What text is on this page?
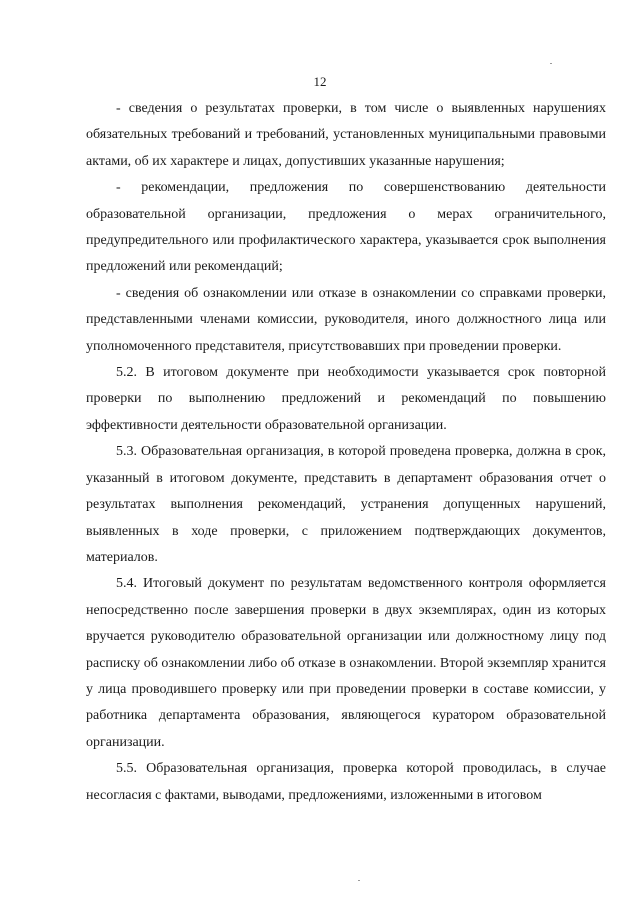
12

- сведения о результатах проверки, в том числе о выявленных нарушениях обязательных требований и требований, установленных муниципальными правовыми актами, об их характере и лицах, допустивших указанные нарушения;

- рекомендации, предложения по совершенствованию деятельности образовательной организации, предложения о мерах ограничительного, предупредительного или профилактического характера, указывается срок выполнения предложений или рекомендаций;

- сведения об ознакомлении или отказе в ознакомлении со справками проверки, представленными членами комиссии, руководителя, иного должностного лица или уполномоченного представителя, присутствовавших при проведении проверки.

5.2. В итоговом документе при необходимости указывается срок повторной проверки по выполнению предложений и рекомендаций по повышению эффективности деятельности образовательной организации.

5.3. Образовательная организация, в которой проведена проверка, должна в срок, указанный в итоговом документе, представить в департамент образования отчет о результатах выполнения рекомендаций, устранения допущенных нарушений, выявленных в ходе проверки, с приложением подтверждающих документов, материалов.

5.4. Итоговый документ по результатам ведомственного контроля оформляется непосредственно после завершения проверки в двух экземплярах, один из которых вручается руководителю образовательной организации или должностному лицу под расписку об ознакомлении либо об отказе в ознакомлении. Второй экземпляр хранится у лица проводившего проверку или при проведении проверки в составе комиссии, у работника департамента образования, являющегося куратором образовательной организации.

5.5. Образовательная организация, проверка которой проводилась, в случае несогласия с фактами, выводами, предложениями, изложенными в итоговом
